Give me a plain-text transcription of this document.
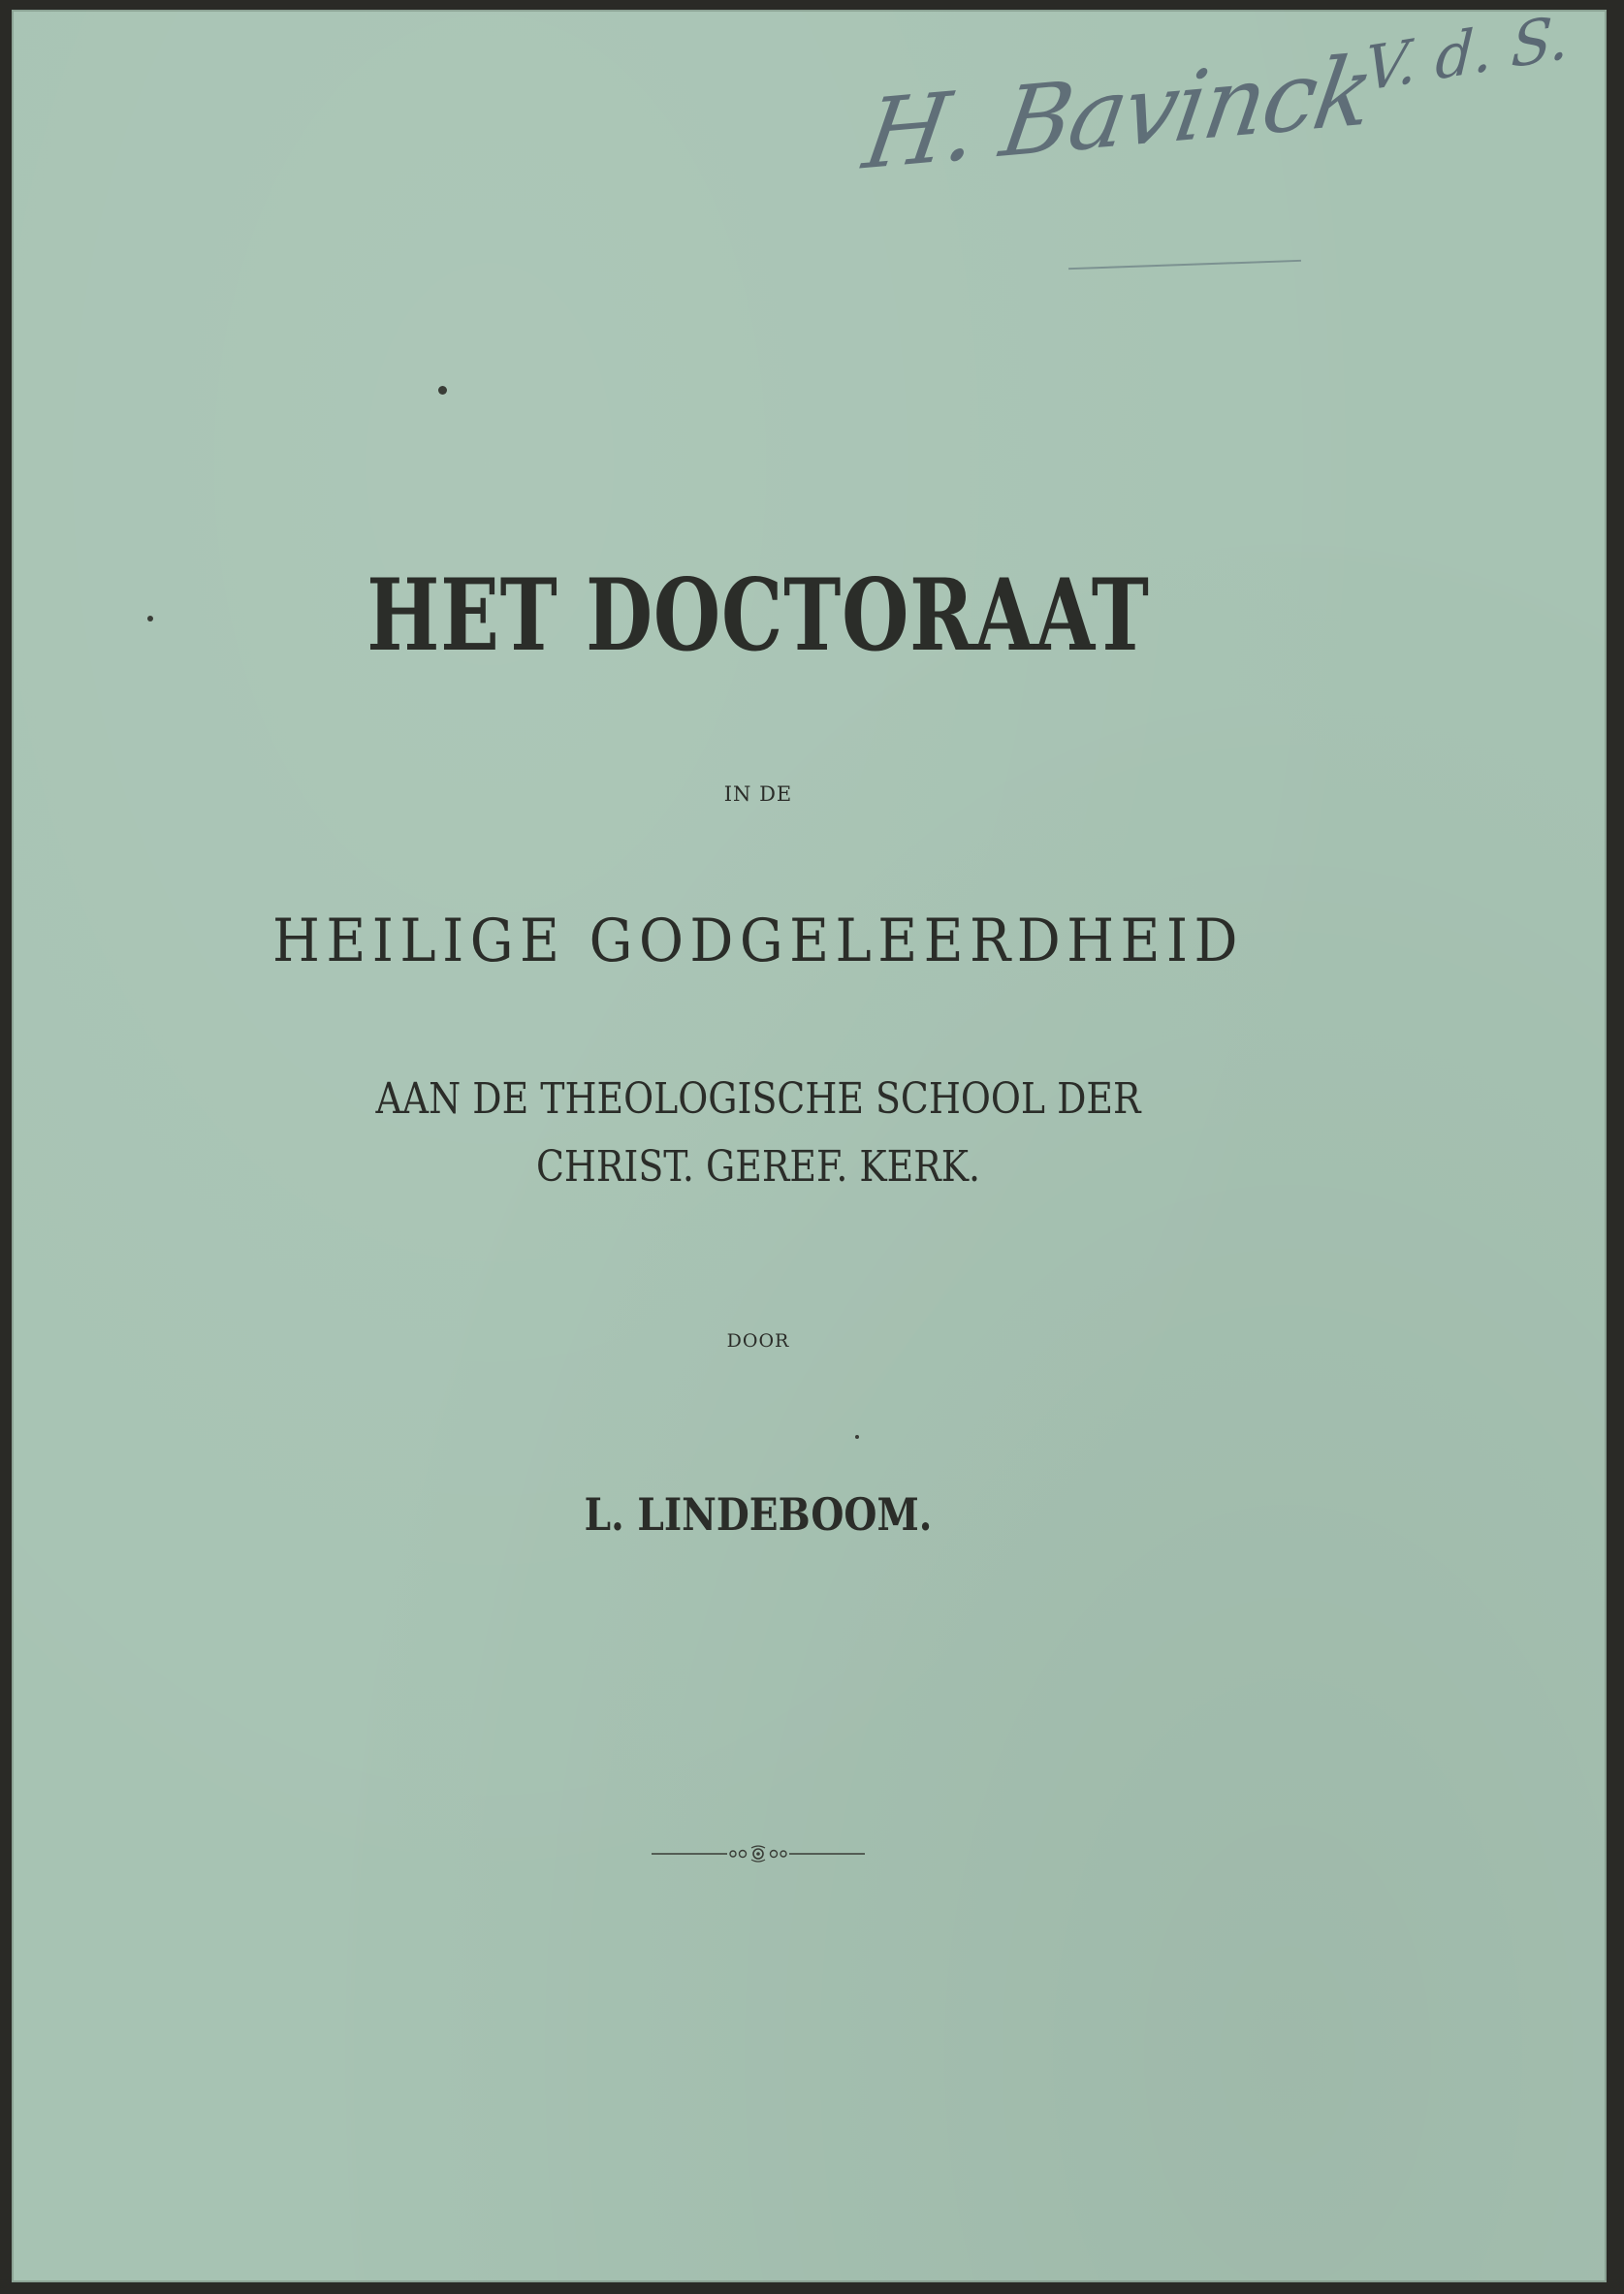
H. Bavinck
V. d. S.
HET DOCTORAAT
IN DE
HEILIGE GODGELEERDHEID
AAN DE THEOLOGISCHE SCHOOL DER
CHRIST. GEREF. KERK.
DOOR
L. LINDEBOOM.
